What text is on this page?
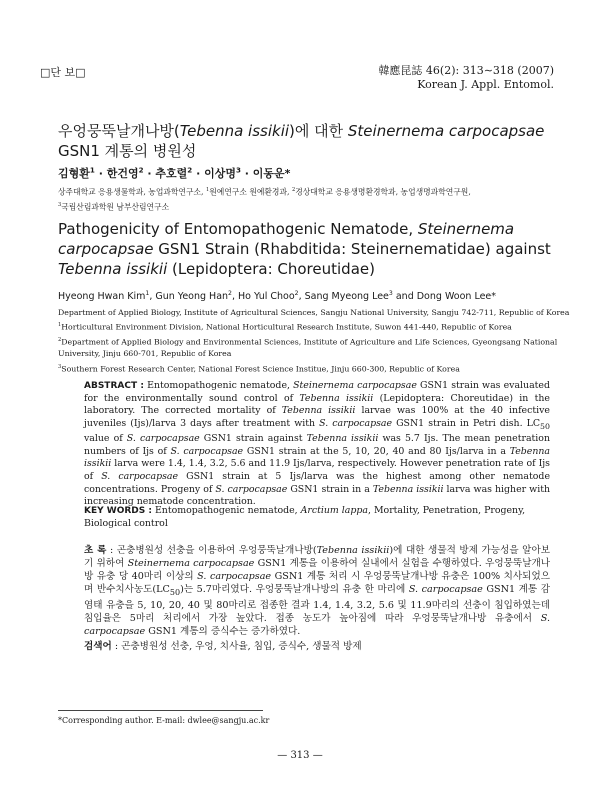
□단 보□	韓應昆誌 46(2): 313∼318 (2007)
Korean J. Appl. Entomol.
우엉뭉뚝날개나방(Tebenna issikii)에 대한 Steinernema carpocapsae GSN1 계통의 병원성
김형환$^1$ · 한건영$^2$ · 추호렬$^2$ · 이상명$^3$ · 이동운*
상주대학교 응용생물학과, 농업과학연구소, $^1$원예연구소 원예환경과, $^2$경상대학교 응용생명환경학과, 농업생명과학연구원,
$^3$국립산림과학원 남부산림연구소
Pathogenicity of Entomopathogenic Nematode, Steinernema carpocapsae GSN1 Strain (Rhabditida: Steinernematidae) against Tebenna issikii (Lepidoptera: Choreutidae)
Hyeong Hwan Kim$^1$, Gun Yeong Han$^2$, Ho Yul Choo$^2$, Sang Myeong Lee$^3$ and Dong Woon Lee*
Department of Applied Biology, Institute of Agricultural Sciences, Sangju National University, Sangju 742-711, Republic of Korea
$^1$Horticultural Environment Division, National Horticultural Research Institute, Suwon 441-440, Republic of Korea
$^2$Department of Applied Biology and Environmental Sciences, Institute of Agriculture and Life Sciences, Gyeongsang National University, Jinju 660-701, Republic of Korea
$^3$Southern Forest Research Center, National Forest Science Institue, Jinju 660-300, Republic of Korea
ABSTRACT : Entomopathogenic nematode, Steinernema carpocapsae GSN1 strain was evaluated for the environmentally sound control of Tebenna issikii (Lepidoptera: Choreutidae) in the laboratory. The corrected mortality of Tebenna issikii larvae was 100% at the 40 infective juveniles (Ijs)/larva 3 days after treatment with S. carpocapsae GSN1 strain in Petri dish. $LC_{50}$ value of S. carpocapsae GSN1 strain against Tebenna issikii was 5.7 Ijs. The mean penetration numbers of Ijs of S. carpocapsae GSN1 strain at the 5, 10, 20, 40 and 80 Ijs/larva in a Tebenna issikii larva were 1.4, 1.4, 3.2, 5.6 and 11.9 Ijs/larva, respectively. However penetration rate of Ijs of S. carpocapsae GSN1 strain at 5 Ijs/larva was the highest among other nematode concentrations. Progeny of S. carpocapsae GSN1 strain in a Tebenna issikii larva was higher with increasing nematode concentration.
KEY WORDS : Entomopathogenic nematode, Arctium lappa, Mortality, Penetration, Progeny, Biological control
초 록 : 곤충병원성 선충을 이용하여 우엉뭉뚝날개나방(Tebenna issikii)에 대한 생물적 방제 가능성을 알아보기 위하여 Steinernema carpocapsae GSN1 계통을 이용하여 실내에서 실험을 수행하였다. 우엉뭉뚝날개나방 유충 당 40마리 이상의 S. carpocapsae GSN1 계통 처리 시 우엉뭉뚝날개나방 유충은 100% 치사되었으며 반수치사농도$(LC_{50})$는 5.7마리였다. 우엉뭉뚝날개나방의 유충 한 마리에 S. carpocapsae GSN1 계통 감염태 유충을 5, 10, 20, 40 및 80마리로 접종한 결과 1.4, 1.4, 3.2, 5.6 및 11.9마리의 선충이 침입하였는데 침입율은 5마리 처리에서 가장 높았다. 접종 농도가 높아짐에 따라 우엉뭉뚝날개나방 유충에서 S. carpocapsae GSN1 계통의 증식수는 증가하였다.
검색어 : 곤충병원성 선충, 우엉, 치사율, 침입, 증식수, 생물적 방제
*Corresponding author. E-mail: dwlee@sangju.ac.kr
— 313 —
